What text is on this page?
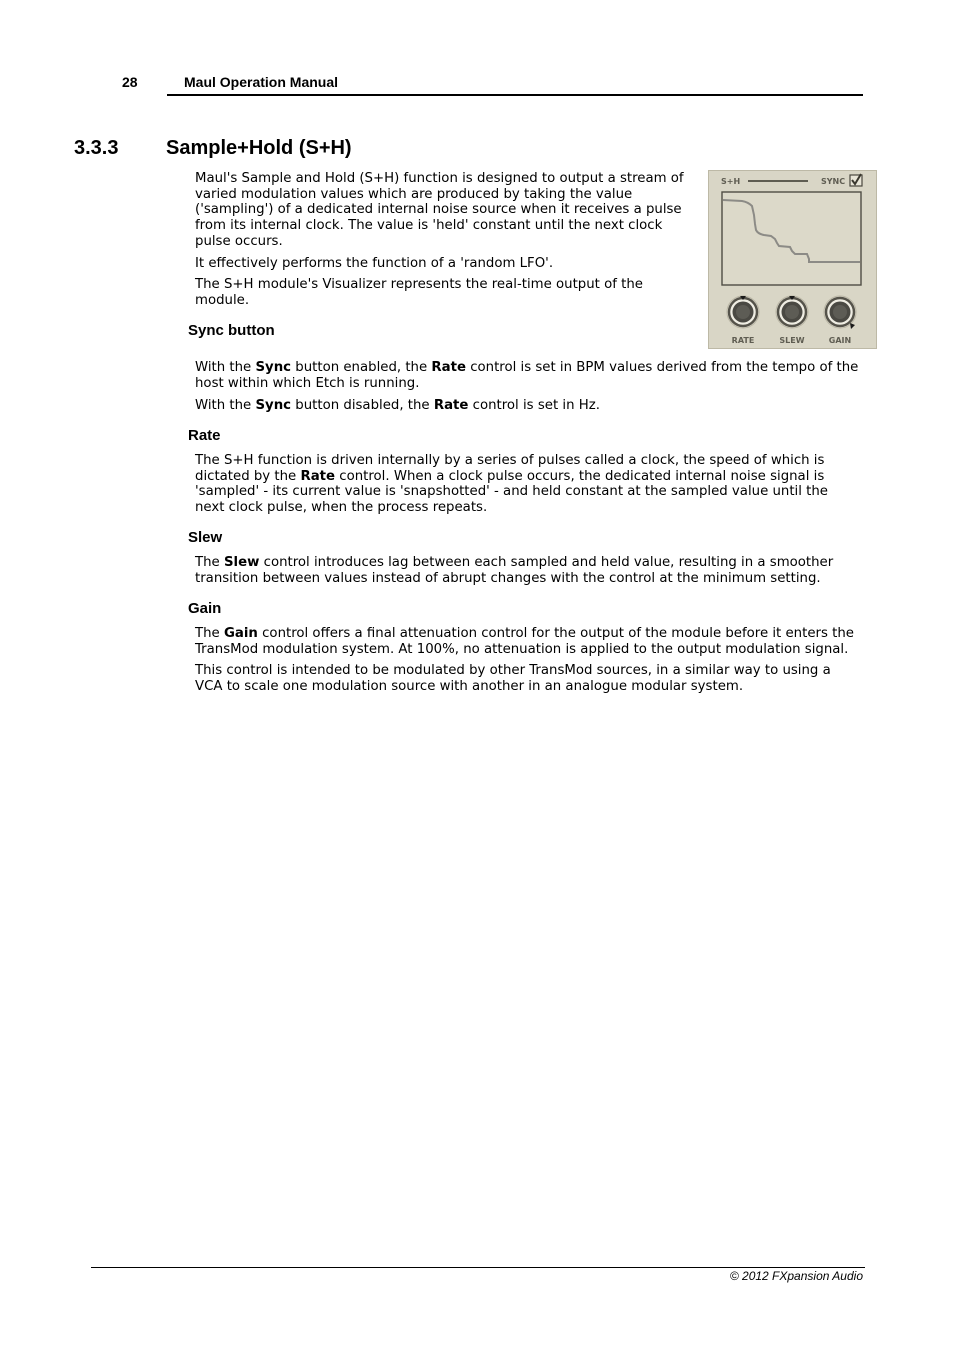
28	Maul Operation Manual
3.3.3 Sample+Hold (S+H)

Maul's Sample and Hold (S+H) function is designed to output a stream of
varied modulation values which are produced by taking the value
('sampling') of a dedicated internal noise source when it receives a pulse
from its internal clock. The value is 'held' constant until the next clock
pulse occurs.

It effectively performs the function of a 'random LFO'.

The S+H module's Visualizer represents the real-time output of the
module.

S+H	SYNC
RATE	SLEW	GAIN
Sync button

With the Sync button enabled, the Rate control is set in BPM values derived from the tempo of the
host within which Etch is running.

With the Sync button disabled, the Rate control is set in Hz.

Rate

The S+H function is driven internally by a series of pulses called a clock, the speed of which is
dictated by the Rate control. When a clock pulse occurs, the dedicated internal noise signal is
'sampled' - its current value is 'snapshotted' - and held constant at the sampled value until the
next clock pulse, when the process repeats.

Slew

The Slew control introduces lag between each sampled and held value, resulting in a smoother
transition between values instead of abrupt changes with the control at the minimum setting.

Gain

The Gain control offers a final attenuation control for the output of the module before it enters the
TransMod modulation system. At 100%, no attenuation is applied to the output modulation signal.

This control is intended to be modulated by other TransMod sources, in a similar way to using a
VCA to scale one modulation source with another in an analogue modular system.

© 2012 FXpansion Audio
